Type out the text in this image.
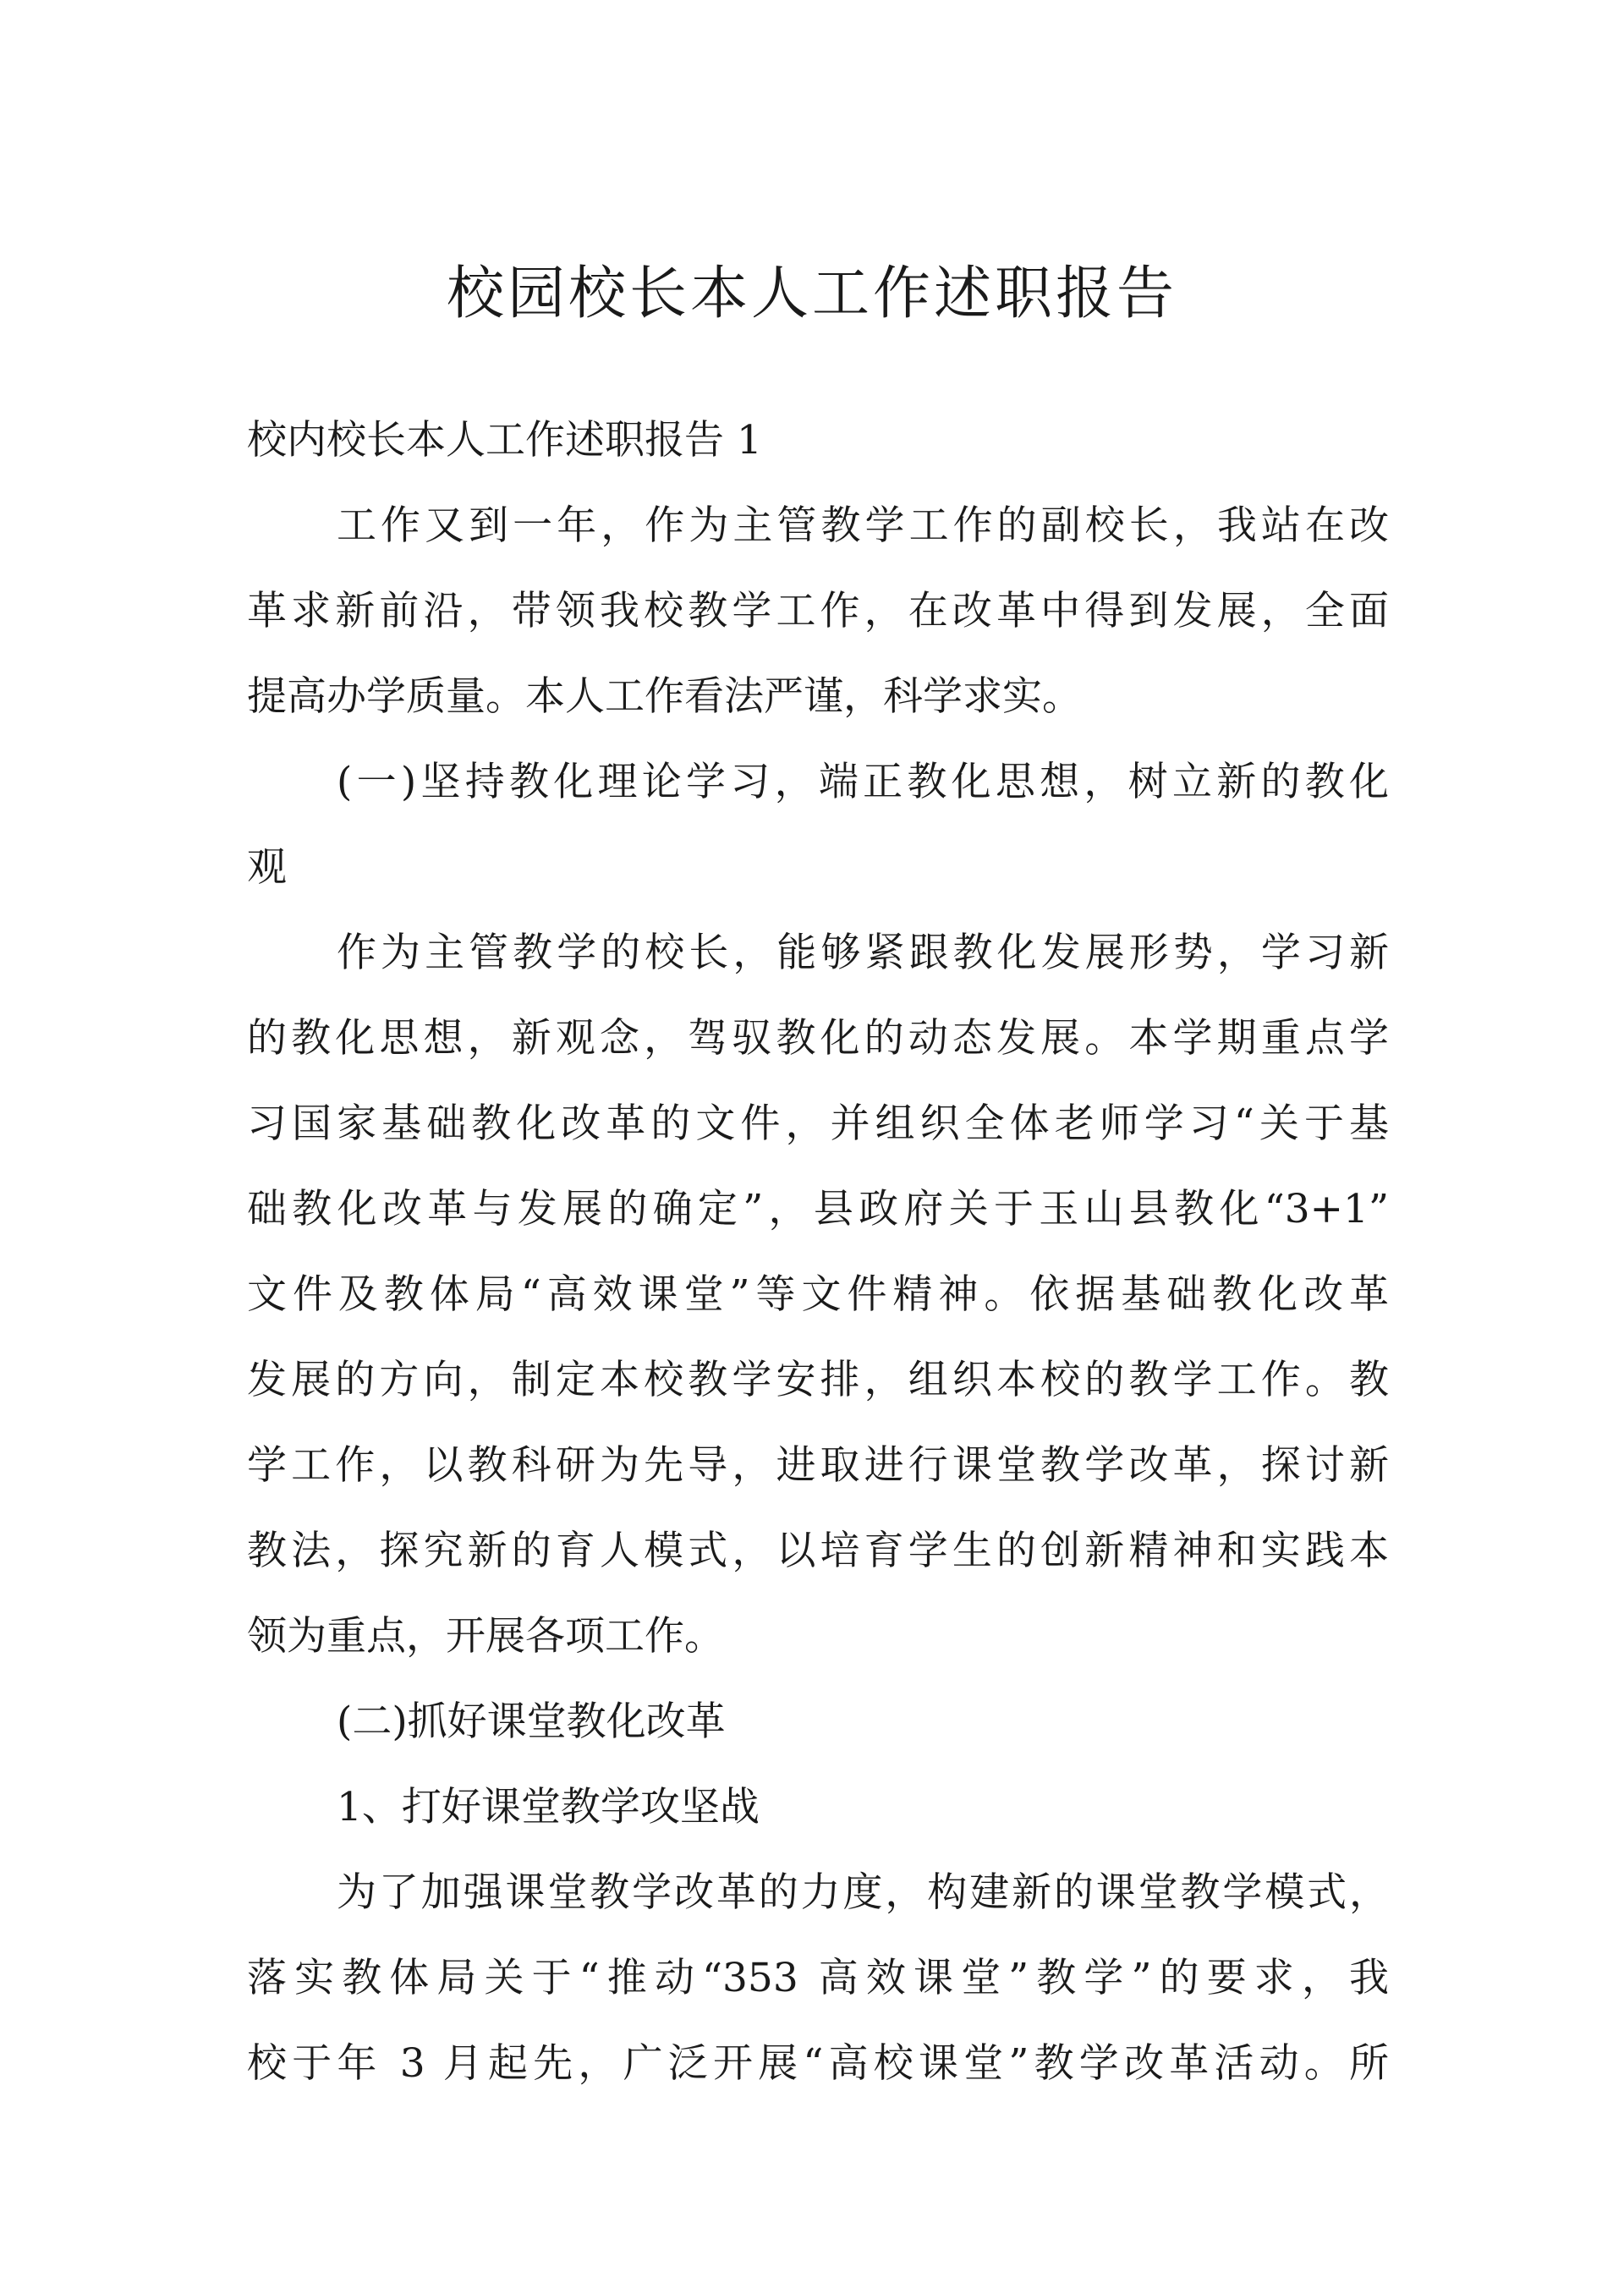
校园校长本人工作述职报告
校内校长本人工作述职报告 1
工作又到一年，作为主管教学工作的副校长，我站在改
革求新前沿，带领我校教学工作，在改革中得到发展，全面
提高办学质量。本人工作看法严谨，科学求实。
(一)坚持教化理论学习，端正教化思想，树立新的教化
观
作为主管教学的校长，能够紧跟教化发展形势，学习新
的教化思想，新观念，驾驭教化的动态发展。本学期重点学
习国家基础教化改革的文件，并组织全体老师学习“关于基
础教化改革与发展的确定”，县政府关于玉山县教化“3+1”
文件及教体局“高效课堂”等文件精神。依据基础教化改革
发展的方向，制定本校教学安排，组织本校的教学工作。教
学工作，以教科研为先导，进取进行课堂教学改革，探讨新
教法，探究新的育人模式，以培育学生的创新精神和实践本
领为重点，开展各项工作。
(二)抓好课堂教化改革
1、打好课堂教学攻坚战
为了加强课堂教学改革的力度，构建新的课堂教学模式，
落实教体局关于“推动“353 高效课堂”教学”的要求，我
校于年 3 月起先，广泛开展“高校课堂”教学改革活动。所
